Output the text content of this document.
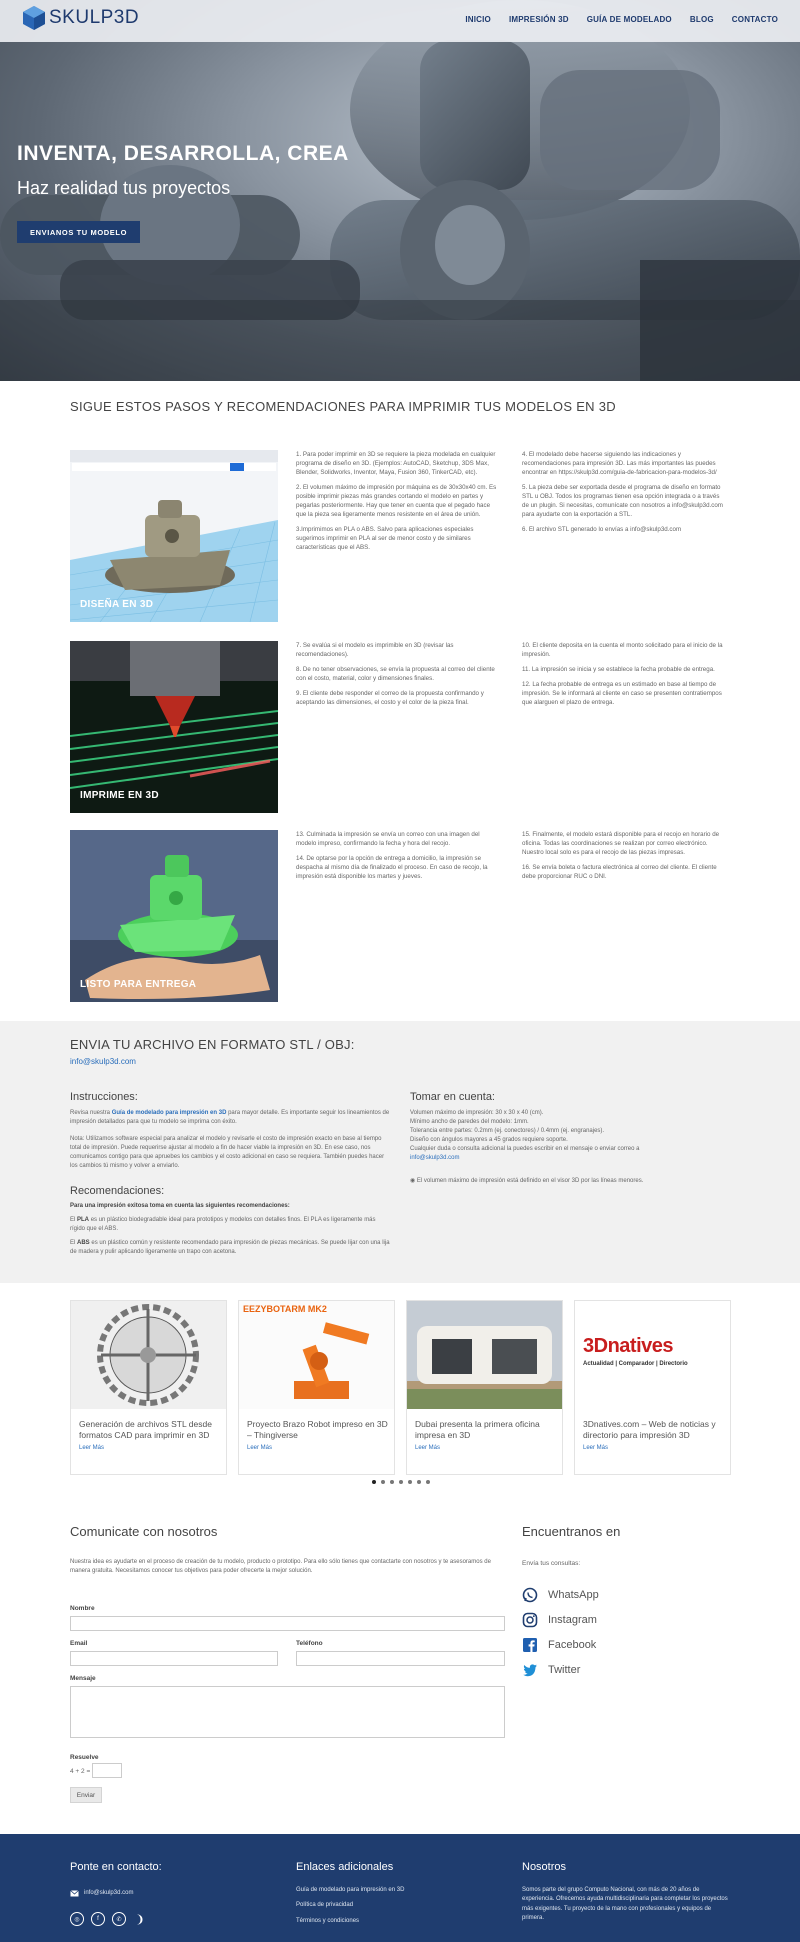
INVENTA, DESARROLLA, CREA
Haz realidad tus proyectos
ENVIANOS TU MODELO
SKULP3D	INICIO IMPRESIÓN 3D GUÍA DE MODELADO BLOG CONTACTO
SIGUE ESTOS PASOS Y RECOMENDACIONES PARA IMPRIMIR TUS MODELOS EN 3D
DISEÑA EN 3D

1. Para poder imprimir en 3D se requiere la pieza modelada en cualquier programa de diseño en 3D. (Ejemplos: AutoCAD, Sketchup, 3DS Max, Blender, Solidworks, Inventor, Maya, Fusion 360, TinkerCAD, etc).

2. El volumen máximo de impresión por máquina es de 30x30x40 cm. Es posible imprimir piezas más grandes cortando el modelo en partes y pegarlas posteriormente. Hay que tener en cuenta que el pegado hace que la pieza sea ligeramente menos resistente en el área de unión.

3.Imprimimos en PLA o ABS. Salvo para aplicaciones especiales sugerimos imprimir en PLA al ser de menor costo y de similares características que el ABS.

4. El modelado debe hacerse siguiendo las indicaciones y recomendaciones para impresión 3D. Las más importantes las puedes encontrar en https://skulp3d.com/guia-de-fabricacion-para-modelos-3d/

5. La pieza debe ser exportada desde el programa de diseño en formato STL u OBJ. Todos los programas tienen esa opción integrada o a través de un plugin. Si necesitas, comunícate con nosotros a info@skulp3d.com para ayudarte con la exportación a STL.

6. El archivo STL generado lo envías a info@skulp3d.com

IMPRIME EN 3D

7. Se evalúa si el modelo es imprimible en 3D (revisar las recomendaciones).

8. De no tener observaciones, se envía la propuesta al correo del cliente con el costo, material, color y dimensiones finales.

9. El cliente debe responder el correo de la propuesta confirmando y aceptando las dimensiones, el costo y el color de la pieza final.

10. El cliente deposita en la cuenta el monto solicitado para el inicio de la impresión.

11. La impresión se inicia y se establece la fecha probable de entrega.

12. La fecha probable de entrega es un estimado en base al tiempo de impresión. Se le informará al cliente en caso se presenten contratiempos que alarguen el plazo de entrega.

LISTO PARA ENTREGA

13. Culminada la impresión se envía un correo con una imagen del modelo impreso, confirmando la fecha y hora del recojo.

14. De optarse por la opción de entrega a domicilio, la impresión se despacha al mismo día de finalizado el proceso. En caso de recojo, la impresión está disponible los martes y jueves.

15. Finalmente, el modelo estará disponible para el recojo en horario de oficina. Todas las coordinaciones se realizan por correo electrónico. Nuestro local solo es para el recojo de las piezas impresas.

16. Se envía boleta o factura electrónica al correo del cliente. El cliente debe proporcionar RUC o DNI.

ENVIA TU ARCHIVO EN FORMATO STL / OBJ:
info@skulp3d.com
Instrucciones:
Revisa nuestra Guía de modelado para impresión en 3D para mayor detalle. Es importante seguir los lineamientos de impresión detallados para que tu modelo se imprima con éxito.
Nota: Utilizamos software especial para analizar el modelo y revisarle el costo de impresión exacto en base al tiempo total de impresión. Puede requerirse ajustar al modelo a fin de hacer viable la impresión en 3D. En ese caso, nos comunicamos contigo para que apruebes los cambios y el costo adicional en caso se requiera. También puedes hacer los cambios tú mismo y volver a enviarlo.
Recomendaciones:
Para una impresión exitosa toma en cuenta las siguientes recomendaciones:
El PLA es un plástico biodegradable ideal para prototipos y modelos con detalles finos. El PLA es ligeramente más rígido que el ABS.
El ABS es un plástico común y resistente recomendado para impresión de piezas mecánicas. Se puede lijar con una lija de madera y pulir aplicando ligeramente un trapo con acetona.
Tomar en cuenta:
Volumen máximo de impresión: 30 x 30 x 40 (cm).
Mínimo ancho de paredes del modelo: 1mm.
Tolerancia entre partes: 0.2mm (ej. conectores) / 0.4mm (ej. engranajes).
Diseño con ángulos mayores a 45 grados requiere soporte.
Cualquier duda o consulta adicional la puedes escribir en el mensaje o enviar correo a info@skulp3d.com
◉ El volumen máximo de impresión está definido en el visor 3D por las líneas menores.
Generación de archivos STL desde formatos CAD para imprimir en 3D
Leer Más
EEZYBOTARM MK2
Proyecto Brazo Robot impreso en 3D – Thingiverse
Leer Más
Dubai presenta la primera oficina impresa en 3D
Leer Más
3Dnatives
Actualidad | Comparador | Directorio
3Dnatives.com – Web de noticias y directorio para impresión 3D
Leer Más
Comunicate con nosotros
Nuestra idea es ayudarte en el proceso de creación de tu modelo, producto o prototipo. Para ello sólo tienes que contactarte con nosotros y te asesoramos de manera gratuita. Necesitamos conocer tus objetivos para poder ofrecerte la mejor solución.
Nombre
Email	Teléfono
Mensaje
Resuelve
4 + 2 =
Enviar
Encuentranos en
Envía tus consultas:
WhatsApp
Instagram
Facebook
Twitter
Ponte en contacto:
info@skulp3d.com
◎	f	✆	❩
Enlaces adicionales
Guía de modelado para impresión en 3D
Política de privacidad
Términos y condiciones
Nosotros
Somos parte del grupo Computo Nacional, con más de 20 años de experiencia. Ofrecemos ayuda multidisciplinaria para completar los proyectos más exigentes. Tu proyecto de la mano con profesionales y equipos de primera.
